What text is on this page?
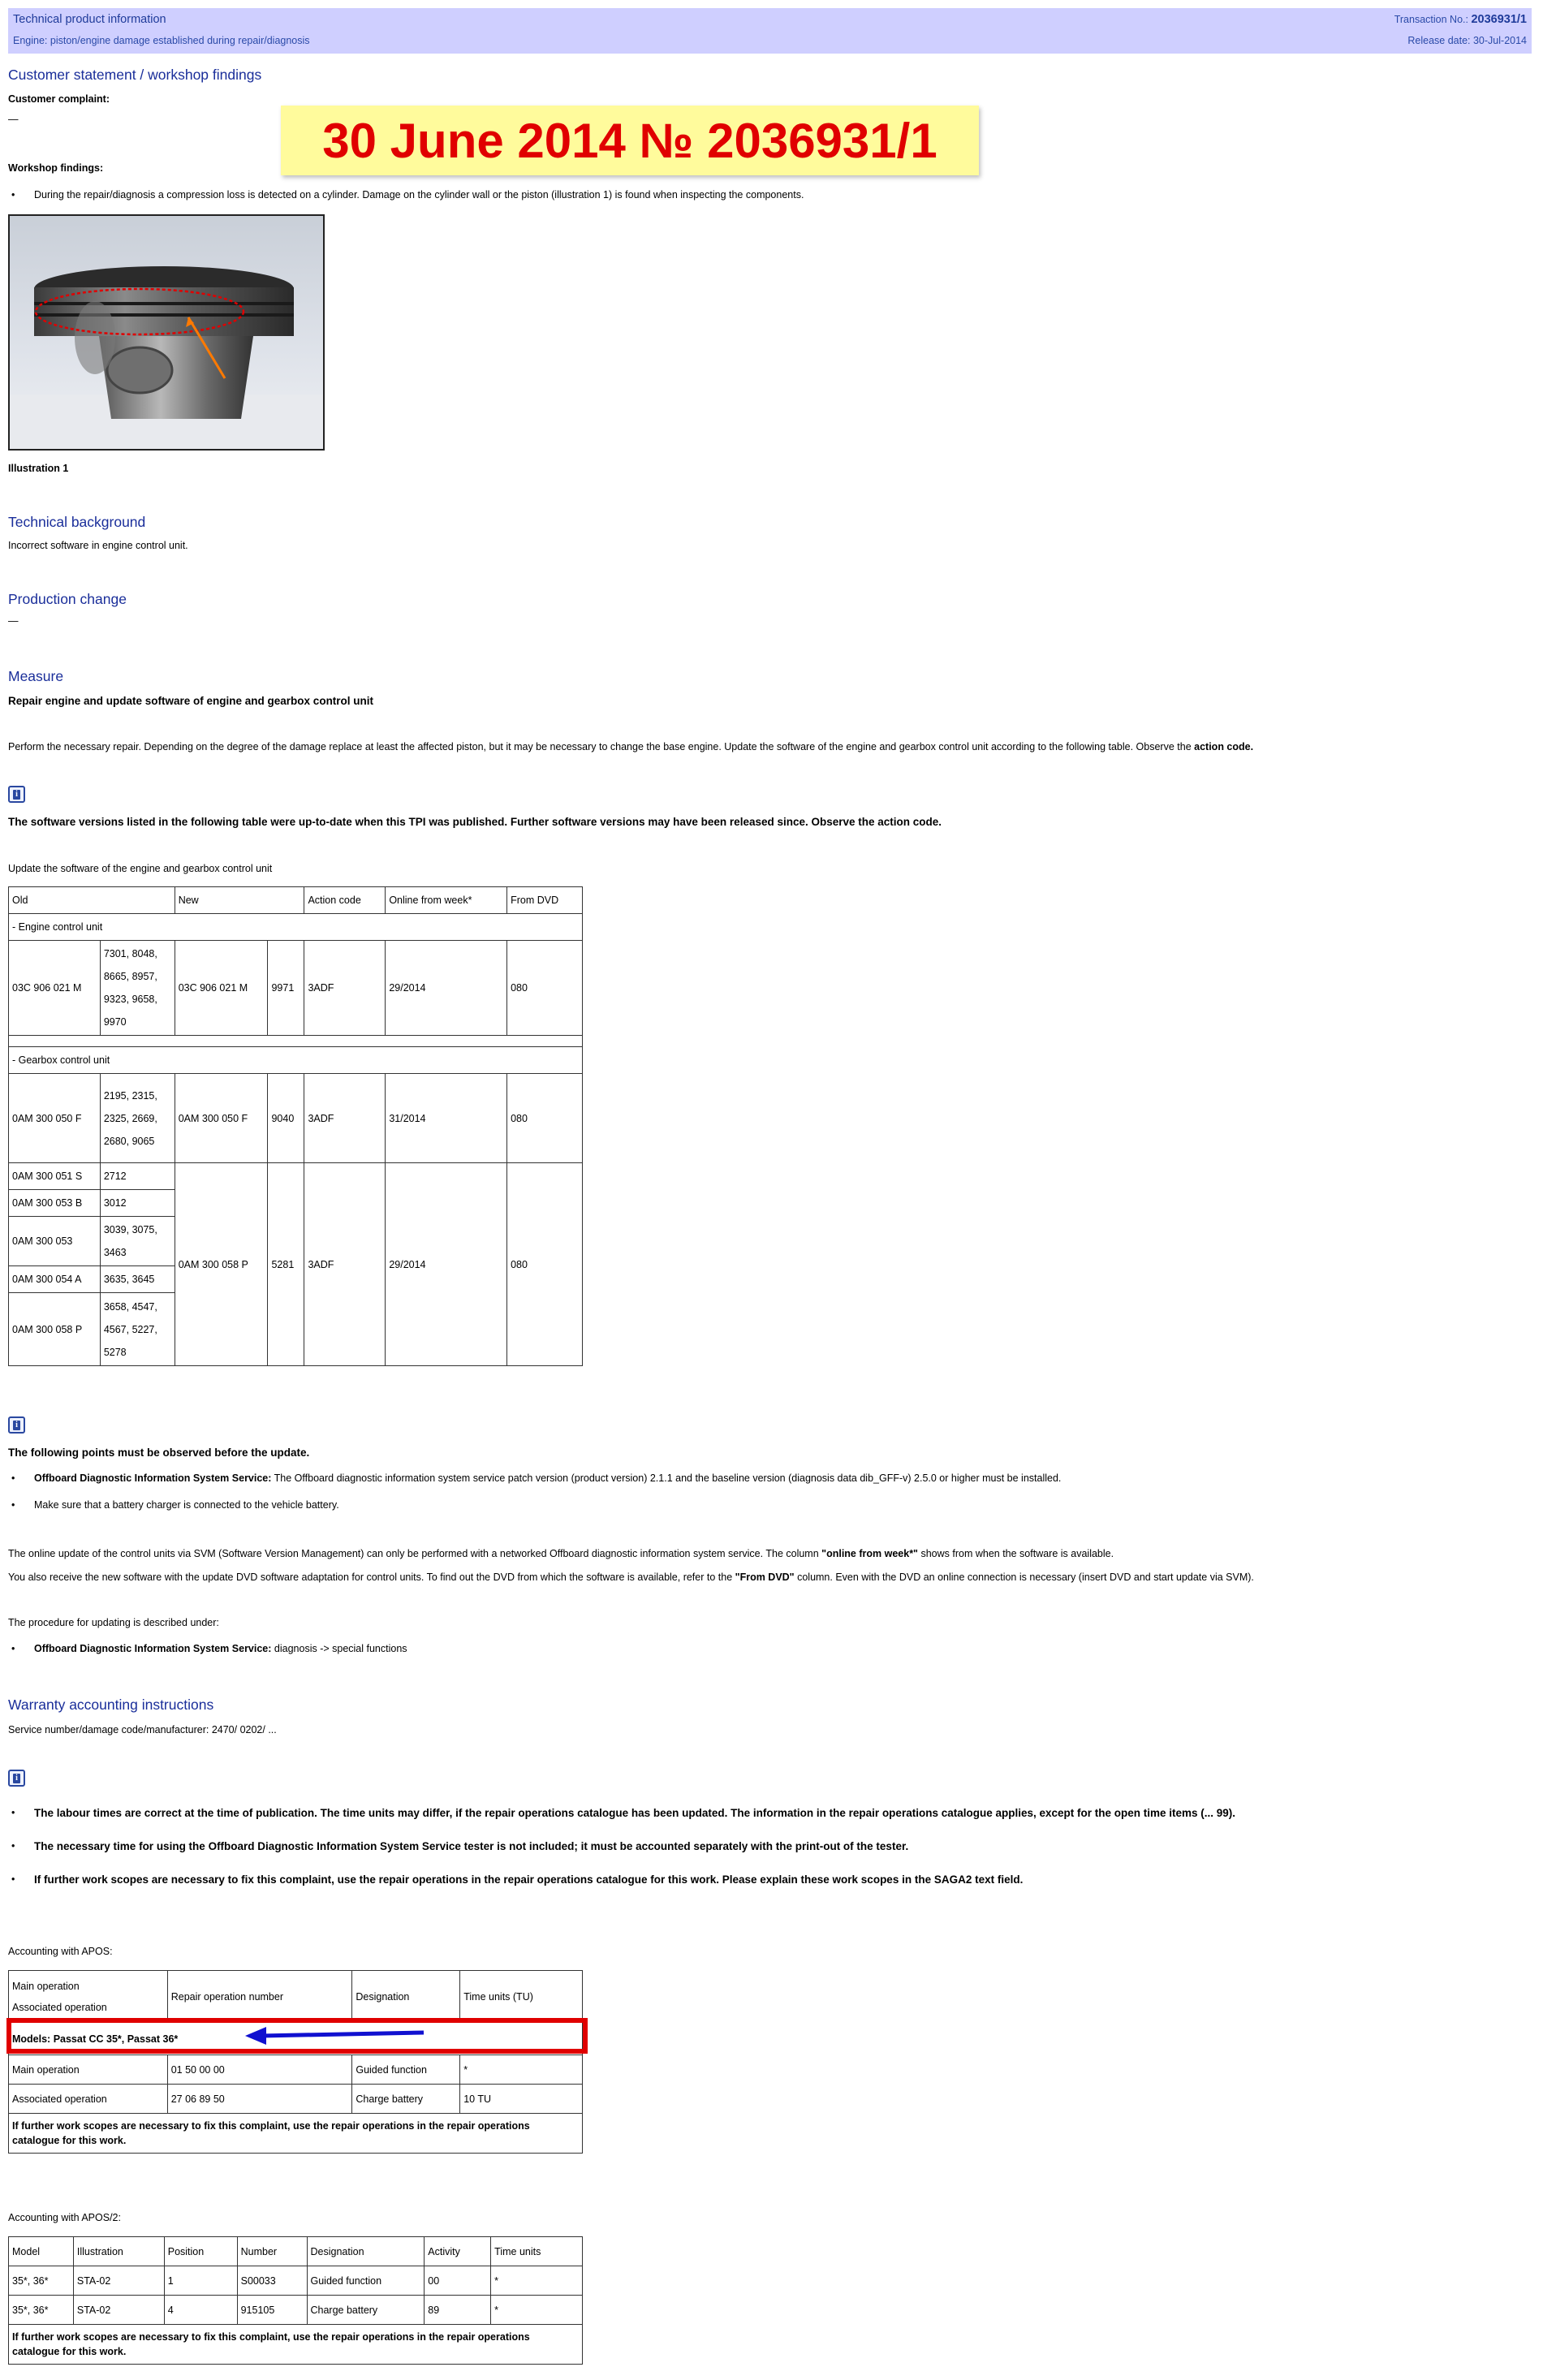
Technical product information
Engine: piston/engine damage established during repair/diagnosis
Transaction No.: 2036931/1
Release date: 30-Jul-2014
Customer statement / workshop findings
Customer complaint:
—	30 June 2014 № 2036931/1
Workshop findings:
• During the repair/diagnosis a compression loss is detected on a cylinder. Damage on the cylinder wall or the piston (illustration 1) is found when inspecting the components.
Illustration 1
Technical background
Incorrect software in engine control unit.
Production change
—
Measure
Repair engine and update software of engine and gearbox control unit
Perform the necessary repair. Depending on the degree of the damage replace at least the affected piston, but it may be necessary to change the base engine. Update the software of the engine and gearbox control unit according to the following table. Observe the action code.
i
The software versions listed in the following table were up-to-date when this TPI was published. Further software versions may have been released since. Observe the action code.
Update the software of the engine and gearbox control unit
Old		New		Action code	Online from week*	From DVD
- Engine control unit						
03C 906 021 M	7301, 8048, 8665, 8957, 9323, 9658, 9970	03C 906 021 M	9971	3ADF	29/2014	080

- Gearbox control unit						
0AM 300 050 F	2195, 2315, 2325, 2669, 2680, 9065	0AM 300 050 F	9040	3ADF	31/2014	080
0AM 300 051 S	2712	0AM 300 058 P	5281	3ADF	29/2014	080
0AM 300 053 B	3012					
0AM 300 053	3039, 3075, 3463					
0AM 300 054 A	3635, 3645					
0AM 300 058 P	3658, 4547, 4567, 5227, 5278					
i
The following points must be observed before the update.
• Offboard Diagnostic Information System Service: The Offboard diagnostic information system service patch version (product version) 2.1.1 and the baseline version (diagnosis data dib_GFF-v) 2.5.0 or higher must be installed.
• Make sure that a battery charger is connected to the vehicle battery.
The online update of the control units via SVM (Software Version Management) can only be performed with a networked Offboard diagnostic information system service. The column "online from week*" shows from when the software is available.
You also receive the new software with the update DVD software adaptation for control units. To find out the DVD from which the software is available, refer to the "From DVD" column. Even with the DVD an online connection is necessary (insert DVD and start update via SVM).
The procedure for updating is described under:
• Offboard Diagnostic Information System Service: diagnosis -> special functions
Warranty accounting instructions
Service number/damage code/manufacturer: 2470/ 0202/ ...
i
• The labour times are correct at the time of publication. The time units may differ, if the repair operations catalogue has been updated. The information in the repair operations catalogue applies, except for the open time items (... 99).
• The necessary time for using the Offboard Diagnostic Information System Service tester is not included; it must be accounted separately with the print-out of the tester.
• If further work scopes are necessary to fix this complaint, use the repair operations in the repair operations catalogue for this work. Please explain these work scopes in the SAGA2 text field.
Accounting with APOS:
Main operation
Associated operation	Repair operation number	Designation	Time units (TU)
Models: Passat CC 35*, Passat 36*			
Main operation	01 50 00 00	Guided function	*
Associated operation	27 06 89 50	Charge battery	10 TU
If further work scopes are necessary to fix this complaint, use the repair operations in the repair operations catalogue for this work.			
Accounting with APOS/2:
Model	Illustration	Position	Number	Designation	Activity	Time units
35*, 36*	STA-02	1	S00033	Guided function	00	*
35*, 36*	STA-02	4	915105	Charge battery	89	*
If further work scopes are necessary to fix this complaint, use the repair operations in the repair operations catalogue for this work.						
